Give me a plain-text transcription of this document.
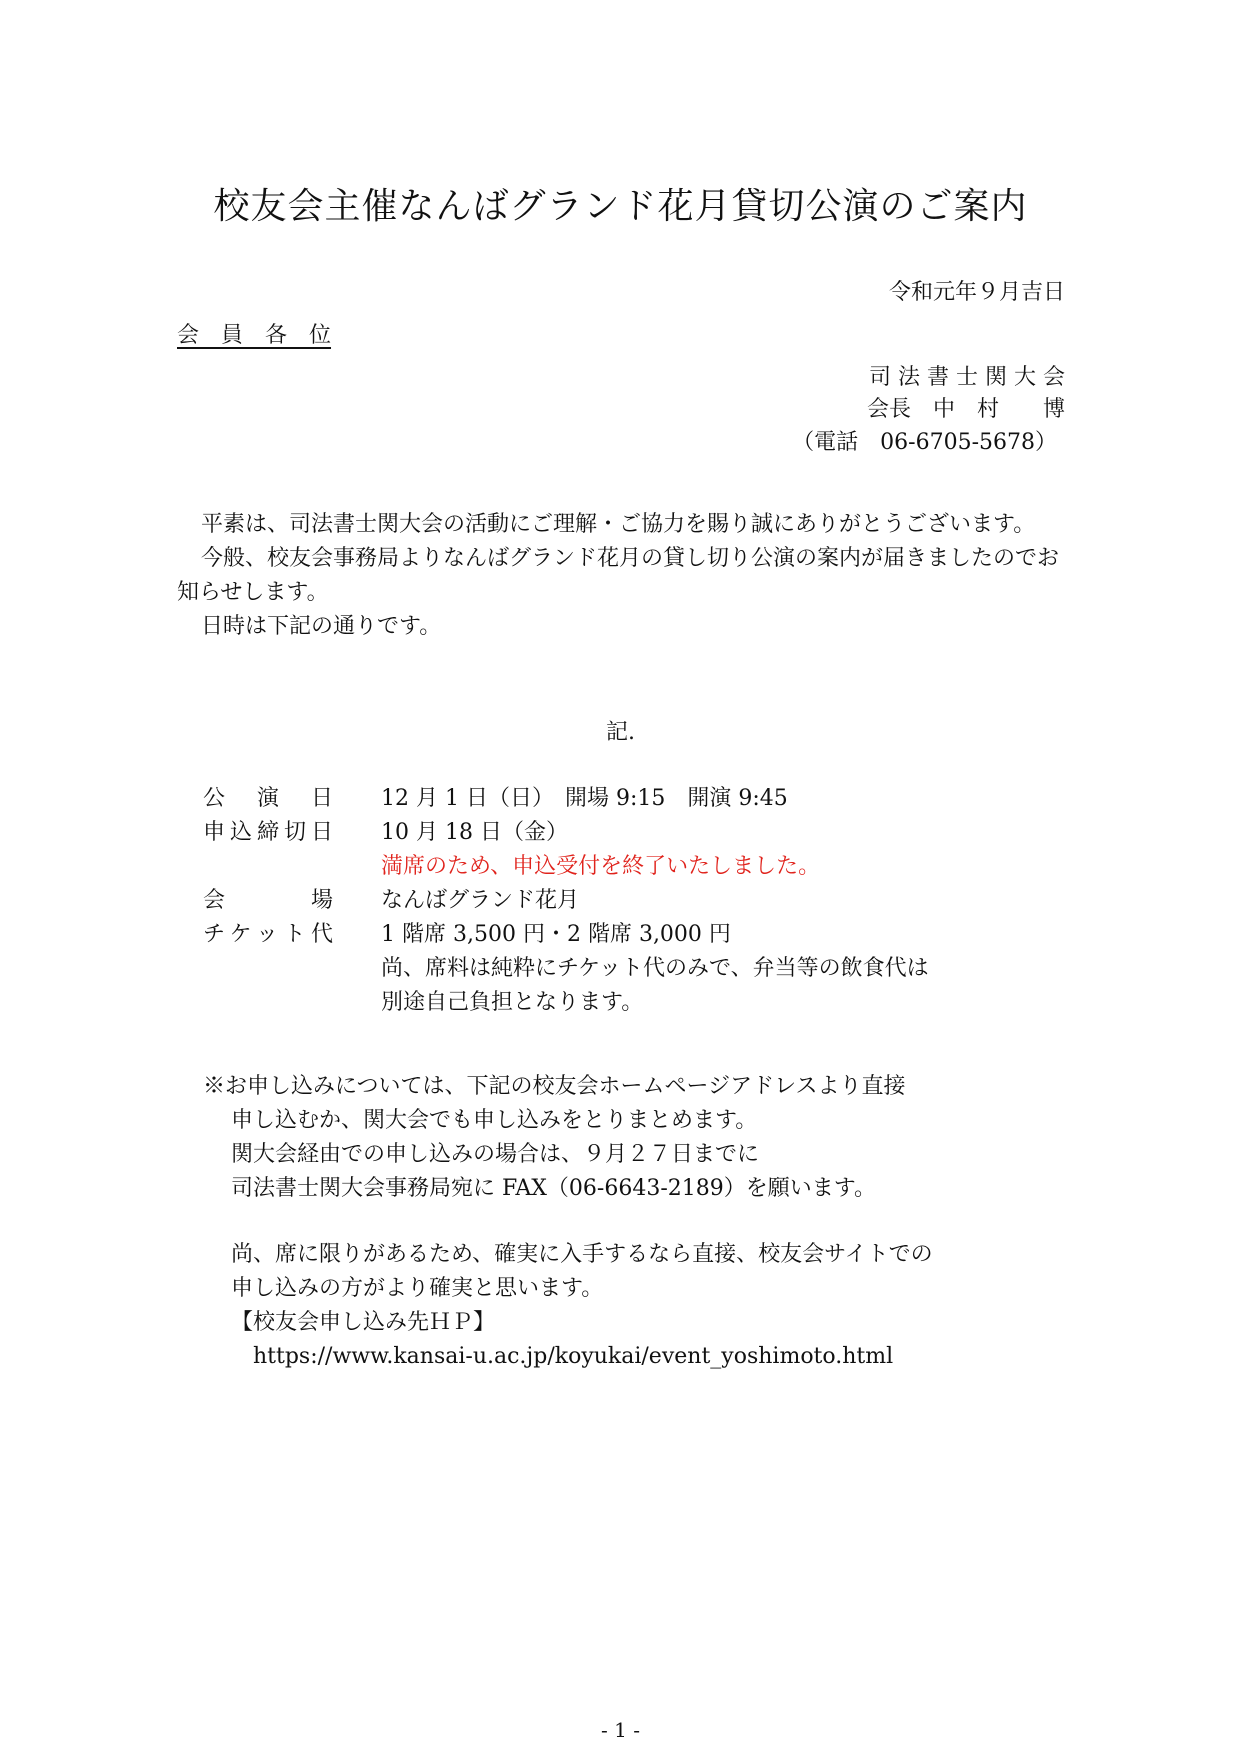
校友会主催なんばグランド花月貸切公演のご案内
令和元年９月吉日
会　員　各　位
司 法 書 士 関 大 会
会長　中　村　　博
（電話　06-6705-5678）

平素は、司法書士関大会の活動にご理解・ご協力を賜り誠にありがとうございます。

今般、校友会事務局よりなんばグランド花月の貸し切り公演の案内が届きましたのでお知らせします。

日時は下記の通りです。

記.
公演日 12 月 1 日（日）　開場 9:15　開演 9:45
申込締切日 10 月 18 日（金）
満席のため、申込受付を終了いたしました。
会場 なんばグランド花月
チケット代 1 階席 3,500 円・2 階席 3,000 円
尚、席料は純粋にチケット代のみで、弁当等の飲食代は
別途自己負担となります。
※お申し込みについては、下記の校友会ホームページアドレスより直接
申し込むか、関大会でも申し込みをとりまとめます。
関大会経由での申し込みの場合は、９月２７日までに
司法書士関大会事務局宛に FAX（06-6643-2189）を願います。
尚、席に限りがあるため、確実に入手するなら直接、校友会サイトでの
申し込みの方がより確実と思います。
【校友会申し込み先ＨＰ】
https://www.kansai-u.ac.jp/koyukai/event_yoshimoto.html
- 1 -
